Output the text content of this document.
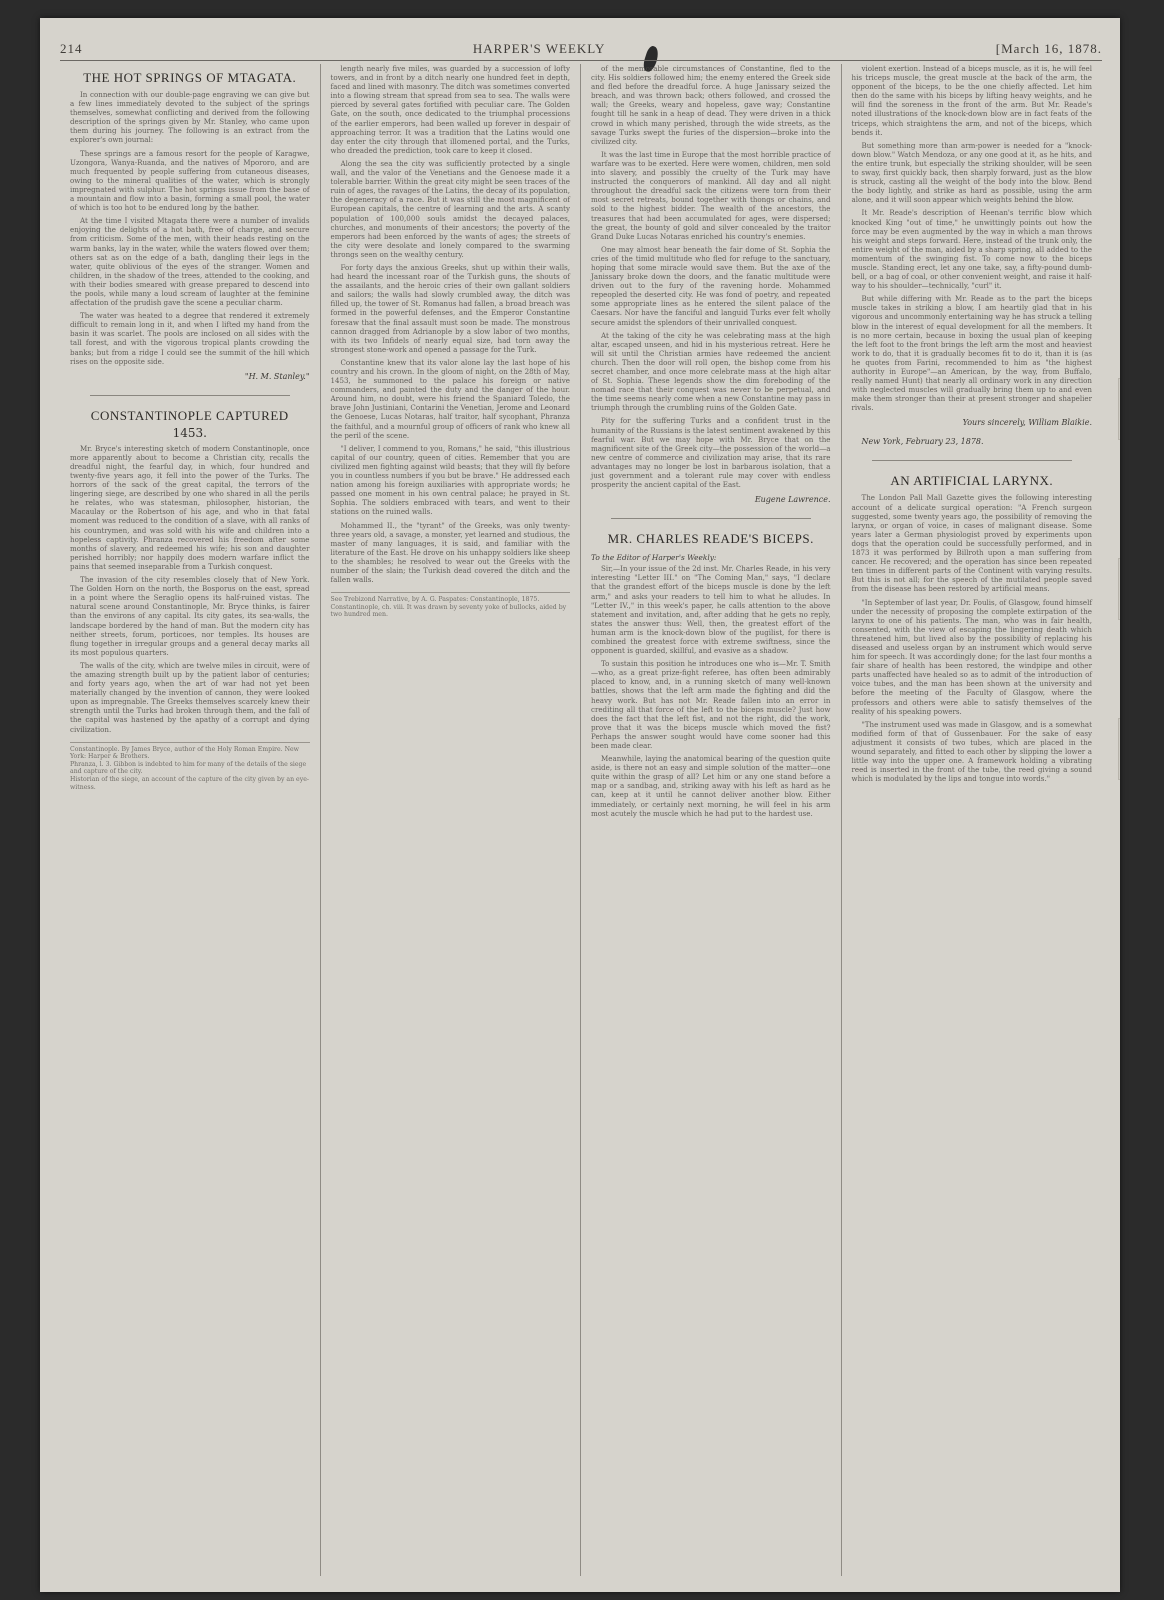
214	HARPER'S WEEKLY	[March 16, 1878.
THE HOT SPRINGS OF MTAGATA.

In connection with our double-page engraving we can give but a few lines immediately devoted to the subject of the springs themselves, somewhat conflicting and derived from the following description of the springs given by Mr. Stanley, who came upon them during his journey. The following is an extract from the explorer's own journal:

These springs are a famous resort for the people of Karagwe, Uzongora, Wanya-Ruanda, and the natives of Mpororo, and are much frequented by people suffering from cutaneous diseases, owing to the mineral qualities of the water, which is strongly impregnated with sulphur. The hot springs issue from the base of a mountain and flow into a basin, forming a small pool, the water of which is too hot to be endured long by the bather.

At the time I visited Mtagata there were a number of invalids enjoying the delights of a hot bath, free of charge, and secure from criticism. Some of the men, with their heads resting on the warm banks, lay in the water, while the waters flowed over them; others sat as on the edge of a bath, dangling their legs in the water, quite oblivious of the eyes of the stranger. Women and children, in the shadow of the trees, attended to the cooking, and with their bodies smeared with grease prepared to descend into the pools, while many a loud scream of laughter at the feminine affectation of the prudish gave the scene a peculiar charm.

The water was heated to a degree that rendered it extremely difficult to remain long in it, and when I lifted my hand from the basin it was scarlet. The pools are inclosed on all sides with the tall forest, and with the vigorous tropical plants crowding the banks; but from a ridge I could see the summit of the hill which rises on the opposite side.

"H. M. Stanley."
CONSTANTINOPLE CAPTURED
1453.

Mr. Bryce's interesting sketch of modern Constantinople, once more apparently about to become a Christian city, recalls the dreadful night, the fearful day, in which, four hundred and twenty-five years ago, it fell into the power of the Turks. The horrors of the sack of the great capital, the terrors of the lingering siege, are described by one who shared in all the perils he relates, who was statesman, philosopher, historian, the Macaulay or the Robertson of his age, and who in that fatal moment was reduced to the condition of a slave, with all ranks of his countrymen, and was sold with his wife and children into a hopeless captivity. Phranza recovered his freedom after some months of slavery, and redeemed his wife; his son and daughter perished horribly; nor happily does modern warfare inflict the pains that seemed inseparable from a Turkish conquest.

The invasion of the city resembles closely that of New York. The Golden Horn on the north, the Bosporus on the east, spread in a point where the Seraglio opens its half-ruined vistas. The natural scene around Constantinople, Mr. Bryce thinks, is fairer than the environs of any capital. Its city gates, its sea-walls, the landscape bordered by the hand of man. But the modern city has neither streets, forum, porticoes, nor temples. Its houses are flung together in irregular groups and a general decay marks all its most populous quarters.

The walls of the city, which are twelve miles in circuit, were of the amazing strength built up by the patient labor of centuries; and forty years ago, when the art of war had not yet been materially changed by the invention of cannon, they were looked upon as impregnable. The Greeks themselves scarcely knew their strength until the Turks had broken through them, and the fall of the capital was hastened by the apathy of a corrupt and dying civilization.

Constantinople. By James Bryce, author of the Holy Roman Empire. New York: Harper & Brothers.
Phranza, l. 3. Gibbon is indebted to him for many of the details of the siege and capture of the city.
Historian of the siege, an account of the capture of the city given by an eye-witness.

length nearly five miles, was guarded by a succession of lofty towers, and in front by a ditch nearly one hundred feet in depth, faced and lined with masonry. The ditch was sometimes converted into a flowing stream that spread from sea to sea. The walls were pierced by several gates fortified with peculiar care. The Golden Gate, on the south, once dedicated to the triumphal processions of the earlier emperors, had been walled up forever in despair of approaching terror. It was a tradition that the Latins would one day enter the city through that illomened portal, and the Turks, who dreaded the prediction, took care to keep it closed.

Along the sea the city was sufficiently protected by a single wall, and the valor of the Venetians and the Genoese made it a tolerable barrier. Within the great city might be seen traces of the ruin of ages, the ravages of the Latins, the decay of its population, the degeneracy of a race. But it was still the most magnificent of European capitals, the centre of learning and the arts. A scanty population of 100,000 souls amidst the decayed palaces, churches, and monuments of their ancestors; the poverty of the emperors had been enforced by the wants of ages; the streets of the city were desolate and lonely compared to the swarming throngs seen on the wealthy century.

For forty days the anxious Greeks, shut up within their walls, had heard the incessant roar of the Turkish guns, the shouts of the assailants, and the heroic cries of their own gallant soldiers and sailors; the walls had slowly crumbled away, the ditch was filled up, the tower of St. Romanus had fallen, a broad breach was formed in the powerful defenses, and the Emperor Constantine foresaw that the final assault must soon be made. The monstrous cannon dragged from Adrianople by a slow labor of two months, with its two Infidels of nearly equal size, had torn away the strongest stone-work and opened a passage for the Turk.

Constantine knew that its valor alone lay the last hope of his country and his crown. In the gloom of night, on the 28th of May, 1453, he summoned to the palace his foreign or native commanders, and painted the duty and the danger of the hour. Around him, no doubt, were his friend the Spaniard Toledo, the brave John Justiniani, Contarini the Venetian, Jerome and Leonard the Genoese, Lucas Notaras, half traitor, half sycophant, Phranza the faithful, and a mournful group of officers of rank who knew all the peril of the scene.

"I deliver, I commend to you, Romans," he said, "this illustrious capital of our country, queen of cities. Remember that you are civilized men fighting against wild beasts; that they will fly before you in countless numbers if you but be brave." He addressed each nation among his foreign auxiliaries with appropriate words; he passed one moment in his own central palace; he prayed in St. Sophia. The soldiers embraced with tears, and went to their stations on the ruined walls.

Mohammed II., the "tyrant" of the Greeks, was only twenty-three years old, a savage, a monster, yet learned and studious, the master of many languages, it is said, and familiar with the literature of the East. He drove on his unhappy soldiers like sheep to the shambles; he resolved to wear out the Greeks with the number of the slain; the Turkish dead covered the ditch and the fallen walls.

See Trebizond Narrative, by A. G. Paspates: Constantinople, 1875.
Constantinople, ch. viii. It was drawn by seventy yoke of bullocks, aided by two hundred men.

of the memorable circumstances of Constantine, fled to the city. His soldiers followed him; the enemy entered the Greek side and fled before the dreadful force. A huge Janissary seized the breach, and was thrown back; others followed, and crossed the wall; the Greeks, weary and hopeless, gave way; Constantine fought till he sank in a heap of dead. They were driven in a thick crowd in which many perished, through the wide streets, as the savage Turks swept the furies of the dispersion—broke into the civilized city.

It was the last time in Europe that the most horrible practice of warfare was to be exerted. Here were women, children, men sold into slavery, and possibly the cruelty of the Turk may have instructed the conquerors of mankind. All day and all night throughout the dreadful sack the citizens were torn from their most secret retreats, bound together with thongs or chains, and sold to the highest bidder. The wealth of the ancestors, the treasures that had been accumulated for ages, were dispersed; the great, the bounty of gold and silver concealed by the traitor Grand Duke Lucas Notaras enriched his country's enemies.

One may almost hear beneath the fair dome of St. Sophia the cries of the timid multitude who fled for refuge to the sanctuary, hoping that some miracle would save them. But the axe of the Janissary broke down the doors, and the fanatic multitude were driven out to the fury of the ravening horde. Mohammed repeopled the deserted city. He was fond of poetry, and repeated some appropriate lines as he entered the silent palace of the Caesars. Nor have the fanciful and languid Turks ever felt wholly secure amidst the splendors of their unrivalled conquest.

At the taking of the city he was celebrating mass at the high altar, escaped unseen, and hid in his mysterious retreat. Here he will sit until the Christian armies have redeemed the ancient church. Then the door will roll open, the bishop come from his secret chamber, and once more celebrate mass at the high altar of St. Sophia. These legends show the dim foreboding of the nomad race that their conquest was never to be perpetual, and the time seems nearly come when a new Constantine may pass in triumph through the crumbling ruins of the Golden Gate.

Pity for the suffering Turks and a confident trust in the humanity of the Russians is the latest sentiment awakened by this fearful war. But we may hope with Mr. Bryce that on the magnificent site of the Greek city—the possession of the world—a new centre of commerce and civilization may arise, that its rare advantages may no longer be lost in barbarous isolation, that a just government and a tolerant rule may cover with endless prosperity the ancient capital of the East.

Eugene Lawrence.
MR. CHARLES READE'S BICEPS.
To the Editor of Harper's Weekly:

Sir,—In your issue of the 2d inst. Mr. Charles Reade, in his very interesting "Letter III." on "The Coming Man," says, "I declare that the grandest effort of the biceps muscle is done by the left arm," and asks your readers to tell him to what he alludes. In "Letter IV.," in this week's paper, he calls attention to the above statement and invitation, and, after adding that he gets no reply, states the answer thus: Well, then, the greatest effort of the human arm is the knock-down blow of the pugilist, for there is combined the greatest force with extreme swiftness, since the opponent is guarded, skillful, and evasive as a shadow.

To sustain this position he introduces one who is—Mr. T. Smith—who, as a great prize-fight referee, has often been admirably placed to know, and, in a running sketch of many well-known battles, shows that the left arm made the fighting and did the heavy work. But has not Mr. Reade fallen into an error in crediting all that force of the left to the biceps muscle? Just how does the fact that the left fist, and not the right, did the work, prove that it was the biceps muscle which moved the fist? Perhaps the answer sought would have come sooner had this been made clear.

Meanwhile, laying the anatomical bearing of the question quite aside, is there not an easy and simple solution of the matter—one quite within the grasp of all? Let him or any one stand before a map or a sandbag, and, striking away with his left as hard as he can, keep at it until he cannot deliver another blow. Either immediately, or certainly next morning, he will feel in his arm most acutely the muscle which he had put to the hardest use.

violent exertion. Instead of a biceps muscle, as it is, he will feel his triceps muscle, the great muscle at the back of the arm, the opponent of the biceps, to be the one chiefly affected. Let him then do the same with his biceps by lifting heavy weights, and he will find the soreness in the front of the arm. But Mr. Reade's noted illustrations of the knock-down blow are in fact feats of the triceps, which straightens the arm, and not of the biceps, which bends it.

But something more than arm-power is needed for a "knock-down blow." Watch Mendoza, or any one good at it, as he hits, and the entire trunk, but especially the striking shoulder, will be seen to sway, first quickly back, then sharply forward, just as the blow is struck, casting all the weight of the body into the blow. Bend the body lightly, and strike as hard as possible, using the arm alone, and it will soon appear which weights behind the blow.

It Mr. Reade's description of Heenan's terrific blow which knocked King "out of time," he unwittingly points out how the force may be even augmented by the way in which a man throws his weight and steps forward. Here, instead of the trunk only, the entire weight of the man, aided by a sharp spring, all added to the momentum of the swinging fist. To come now to the biceps muscle. Standing erect, let any one take, say, a fifty-pound dumb-bell, or a bag of coal, or other convenient weight, and raise it half-way to his shoulder—technically, "curl" it.

But while differing with Mr. Reade as to the part the biceps muscle takes in striking a blow, I am heartily glad that in his vigorous and uncommonly entertaining way he has struck a telling blow in the interest of equal development for all the members. It is no more certain, because in boxing the usual plan of keeping the left foot to the front brings the left arm the most and heaviest work to do, that it is gradually becomes fit to do it, than it is (as he quotes from Farini, recommended to him as "the highest authority in Europe"—an American, by the way, from Buffalo, really named Hunt) that nearly all ordinary work in any direction with neglected muscles will gradually bring them up to and even make them stronger than their at present stronger and shapelier rivals.

Yours sincerely, William Blaikie.
New York, February 23, 1878.
AN ARTIFICIAL LARYNX.

The London Pall Mall Gazette gives the following interesting account of a delicate surgical operation: "A French surgeon suggested, some twenty years ago, the possibility of removing the larynx, or organ of voice, in cases of malignant disease. Some years later a German physiologist proved by experiments upon dogs that the operation could be successfully performed, and in 1873 it was performed by Billroth upon a man suffering from cancer. He recovered; and the operation has since been repeated ten times in different parts of the Continent with varying results. But this is not all; for the speech of the mutilated people saved from the disease has been restored by artificial means.

"In September of last year, Dr. Foulis, of Glasgow, found himself under the necessity of proposing the complete extirpation of the larynx to one of his patients. The man, who was in fair health, consented, with the view of escaping the lingering death which threatened him, but lived also by the possibility of replacing his diseased and useless organ by an instrument which would serve him for speech. It was accordingly done; for the last four months a fair share of health has been restored, the windpipe and other parts unaffected have healed so as to admit of the introduction of voice tubes, and the man has been shown at the university and before the meeting of the Faculty of Glasgow, where the professors and others were able to satisfy themselves of the reality of his speaking powers.

"The instrument used was made in Glasgow, and is a somewhat modified form of that of Gussenbauer. For the sake of easy adjustment it consists of two tubes, which are placed in the wound separately, and fitted to each other by slipping the lower a little way into the upper one. A framework holding a vibrating reed is inserted in the front of the tube, the reed giving a sound which is modulated by the lips and tongue into words."
